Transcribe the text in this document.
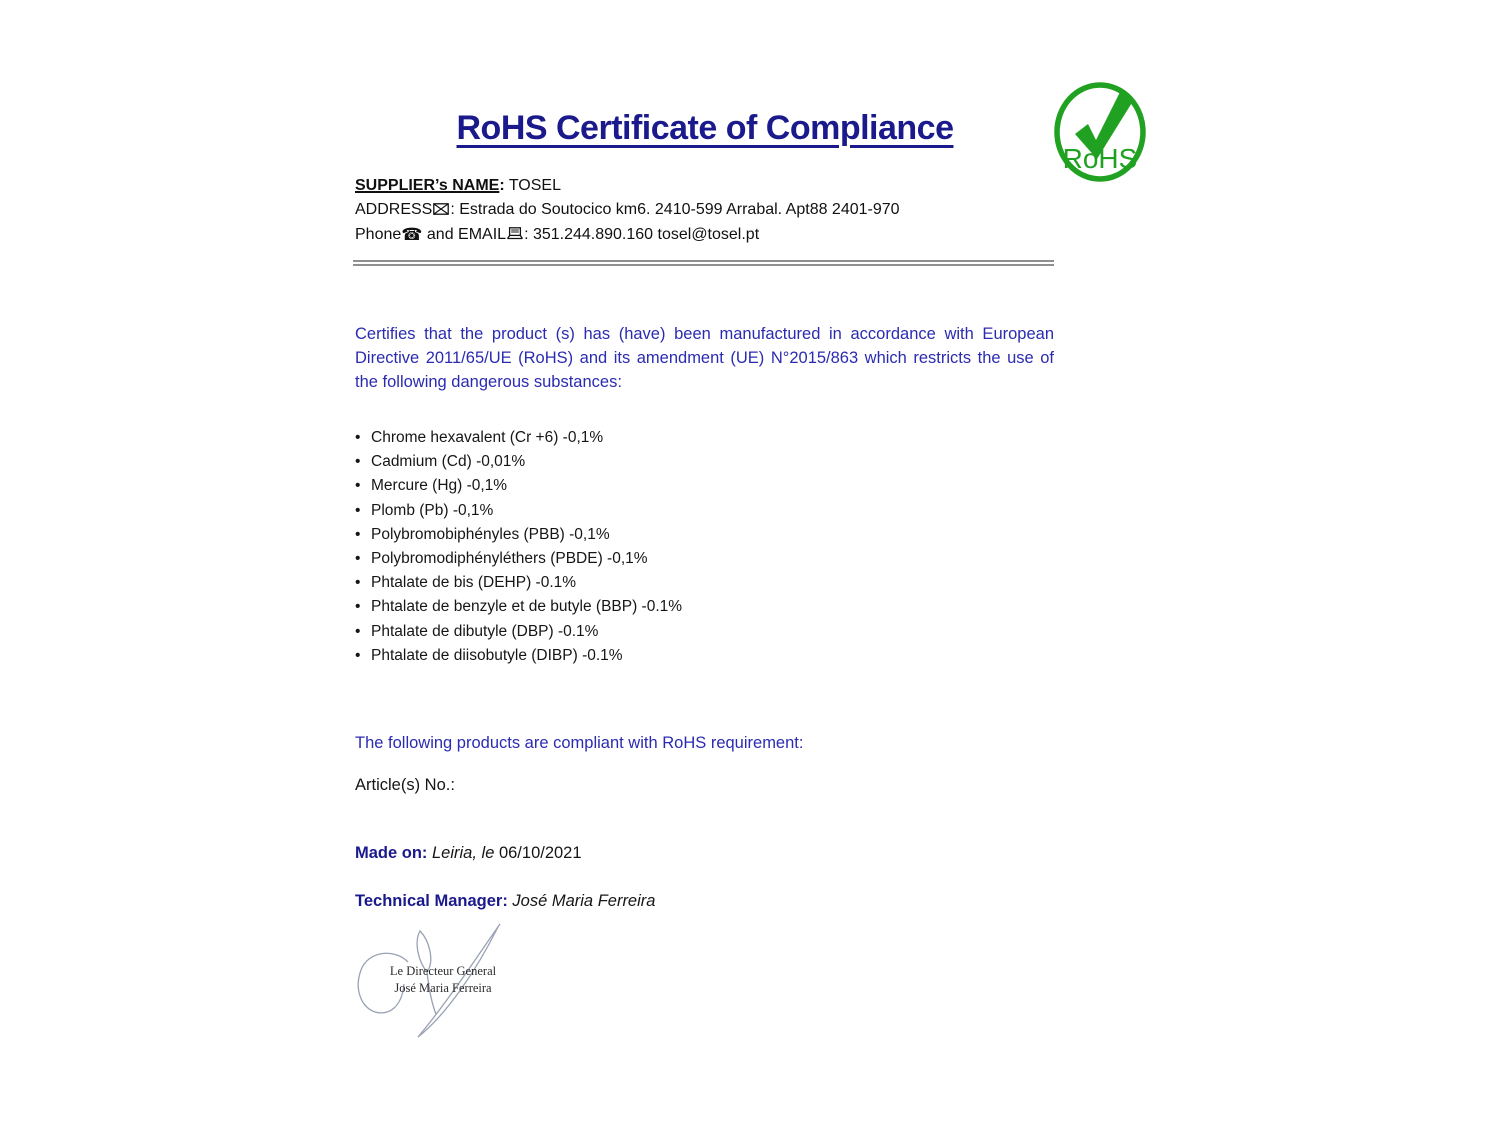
RoHS Certificate of Compliance
RoHS
SUPPLIER’s NAME: TOSEL
ADDRESS : Estrada do Soutocico km6. 2410-599 Arrabal. Apt88 2401-970
Phone☎ and EMAIL : 351.244.890.160 tosel@tosel.pt

Certifies that the product (s) has (have) been manufactured in accordance with European Directive 2011/65/UE (RoHS) and its amendment (UE) N°2015/863 which restricts the use of the following dangerous substances:

• Chrome hexavalent (Cr +6) -0,1%
• Cadmium (Cd) -0,01%
• Mercure (Hg) -0,1%
• Plomb (Pb) -0,1%
• Polybromobiphényles (PBB) -0,1%
• Polybromodiphényléthers (PBDE) -0,1%
• Phtalate de bis (DEHP) -0.1%
• Phtalate de benzyle et de butyle (BBP) -0.1%
• Phtalate de dibutyle (DBP) -0.1%
• Phtalate de diisobutyle (DIBP) -0.1%
The following products are compliant with RoHS requirement:
Article(s) No.:
Made on: Leiria, le 06/10/2021
Technical Manager: José Maria Ferreira
Le Directeur General
José Maria Ferreira
